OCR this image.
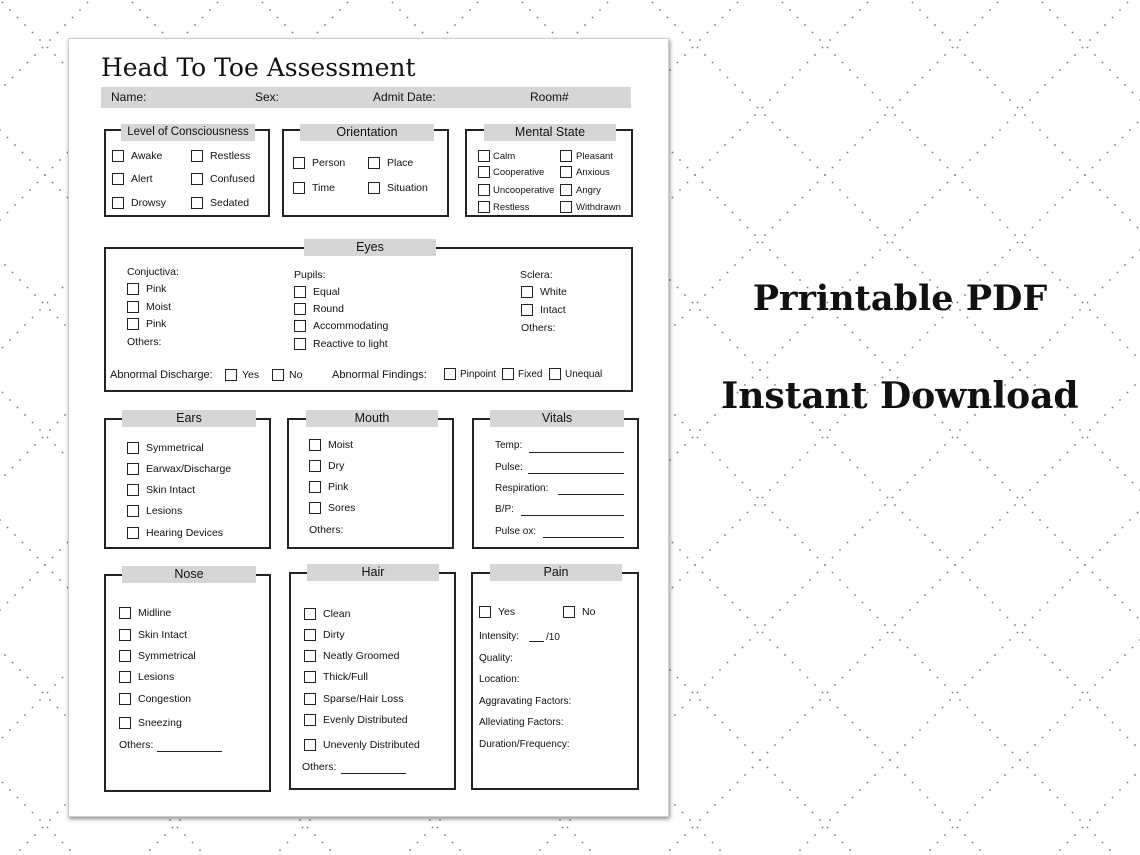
Head To Toe Assessment
Name:	Sex:	Admit Date:	Room#
Level of Consciousness
Awake	Restless
Alert	Confused
Drowsy	Sedated
Orientation
Person	Place
Time	Situation
Mental State
Calm	Pleasant
Cooperative	Anxious
Uncooperative Angry
Restless	Withdrawn
Eyes
Conjuctiva:
Pink
Moist
Pink
Others:
Pupils:
Equal
Round
Accommodating
Reactive to light
Sclera:
White
Intact
Others:
Abnormal Discharge:	Yes	No	Abnormal Findings:	Pinpoint Fixed Unequal
Ears
Symmetrical
Earwax/Discharge
Skin Intact
Lesions
Hearing Devices
Mouth
Moist
Dry
Pink
Sores
Others:
Vitals
Temp:
Pulse:
Respiration:
B/P:
Pulse ox:
Nose
Midline
Skin Intact
Symmetrical
Lesions
Congestion
Sneezing
Others:
Hair
Clean
Dirty
Neatly Groomed
Thick/Full
Sparse/Hair Loss
Evenly Distributed
Unevenly Distributed
Others:
Pain
Yes	No
Intensity:	/10
Quality:
Location:
Aggravating Factors:
Alleviating Factors:
Duration/Frequency:
Prrintable PDF
Instant Download
